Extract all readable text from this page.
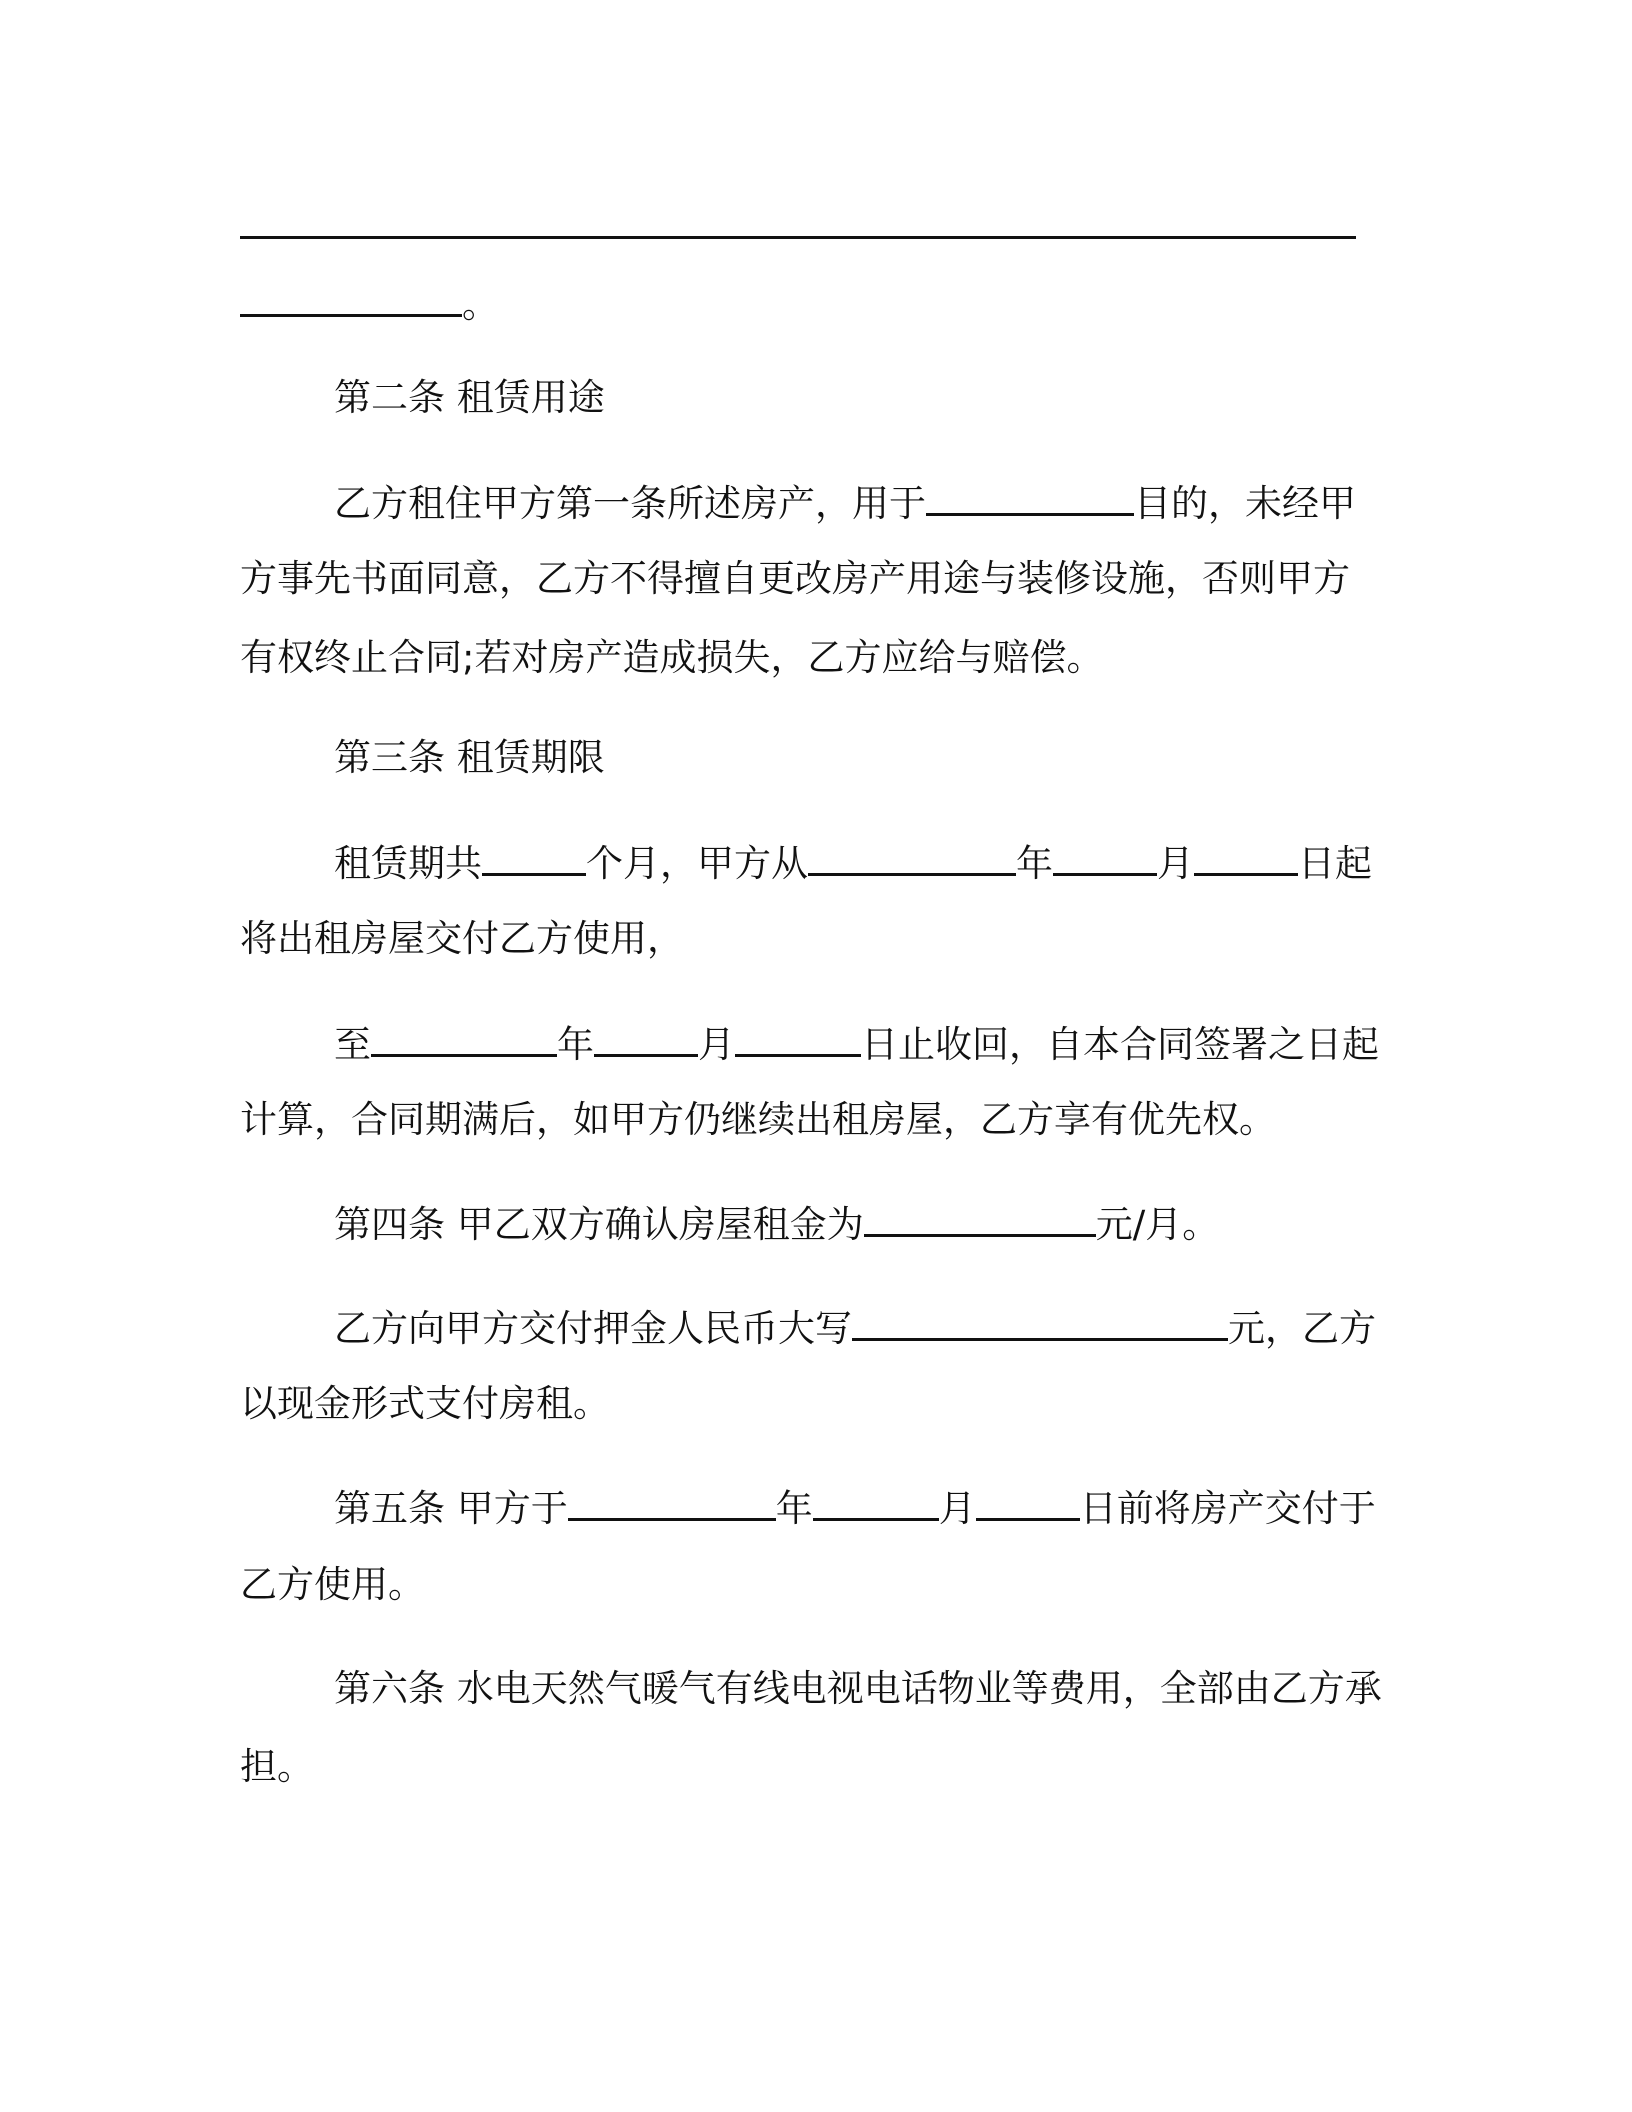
。
第二条 租赁用途
乙方租住甲方第一条所述房产，用于	目的，未经甲
方事先书面同意，乙方不得擅自更改房产用途与装修设施，否则甲方
有权终止合同;若对房产造成损失，乙方应给与赔偿。
第三条 租赁期限
租赁期共	个月，甲方从	年	月	日起
将出租房屋交付乙方使用，
至	年	月	日止收回，自本合同签署之日起
计算，合同期满后，如甲方仍继续出租房屋，乙方享有优先权。
第四条 甲乙双方确认房屋租金为	元/月。
乙方向甲方交付押金人民币大写	元，乙方
以现金形式支付房租。
第五条 甲方于	年	月	日前将房产交付于
乙方使用。
第六条 水电天然气暖气有线电视电话物业等费用，全部由乙方承
担。
